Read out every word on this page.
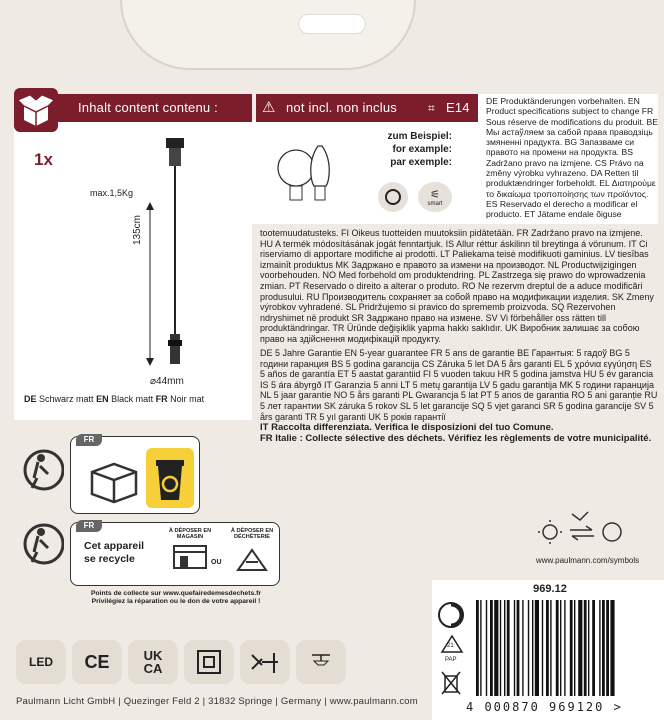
Inhalt content contenu :	not incl. non inclus
⚠	⌗ E14
1x
max.1,5Kg
135cm
⌀44mm
DE Schwarz matt EN Black matt FR Noir mat
zum Beispiel:
for example:
par exemple:
⚟
smart
DE Produktänderungen vorbehalten. EN Product specifications subject to change FR Sous réserve de modifications du produit. BE Мы астаўляем за сабой права праводзіць змяненні прадукта. BG Запазваме си правото на промени на продукта. BS Zadržano pravo na izmjene. CS Právo na změny výrobku vyhrazeno. DA Retten til produktændringer forbeholdt. EL Διατηρούμε το δικαίωμα τροποποίησης των προϊόντος. ES Reservado el derecho a modificar el producto. ET Jätame endale õiguse
tootemuudatusteks. FI Oikeus tuotteiden muutoksiin pidätetään. FR Zadržano pravo na izmjene. HU A termék módosításának jogát fenntartjuk. IS Allur réttur áskilinn til breytinga á vörunum. IT Ci riserviamo di apportare modifiche ai prodotti. LT Paliekama teisė modifikuoti gaminius. LV tiesības izmainīt produktus MK Задржано е правото за измени на производот. NL Productwijzigingen voorbehouden. NO Med forbehold om produktendring. PL Zastrzega się prawo do wprowadzenia zmian. PT Reservado o direito a alterar o produto. RO Ne rezervm dreptul de a aduce modificări produsului. RU Производитель сохраняет за собой право на модификации изделия. SK Zmeny výrobkov vyhradené. SL Pridržujemo si pravico do sprememb proizvoda. SQ Rezervohen ndryshimet në produkt SR Задржано право на измене. SV Vi förbehåller oss rätten till produktändringar. TR Üründe değişiklik yapma hakkı saklıdır. UK Виробник залишає за собою право на здійснення модифікацій продукту.
DE 5 Jahre Garantie EN 5-year guarantee FR 5 ans de garantie BE Гарантыя: 5 гадоў BG 5 години гаранция BS 5 godina garancija CS Záruka 5 let DA 5 års garanti EL 5 χρόνια εγγύηση ES 5 años de garantía ET 5 aastat garantiid FI 5 vuoden takuu HR 5 godina jamstva HU 5 év garancia IS 5 ára ábyrgð IT Garanzia 5 anni LT 5 metų garantija LV 5 gadu garantija MK 5 години гаранција NL 5 jaar garantie NO 5 års garanti PL Gwarancja 5 lat PT 5 anos de garantia RO 5 ani garanție RU 5 лет гарантии SK záruka 5 rokov SL 5 let garancije SQ 5 vjet garanci SR 5 godina garancije SV 5 års garanti TR 5 yıl garanti UK 5 років гарантії
IT Raccolta differenziata. Verifica le disposizioni del tuo Comune.
FR Italie : Collecte sélective des déchets. Vérifiez les règlements de votre municipalité.
FR
FR
Cet appareil
se recycle
À DÉPOSER EN MAGASIN
OU
À DÉPOSER EN DÉCHÈTERIE
Points de collecte sur www.quefairedemesdechets.fr
Privilégiez la réparation ou le don de votre appareil !
www.paulmann.com/symbols
LED CE	UK CA
969.12
21
PAP
4 000870 969120 >
Paulmann Licht GmbH | Quezinger Feld 2 | 31832 Springe | Germany | www.paulmann.com
